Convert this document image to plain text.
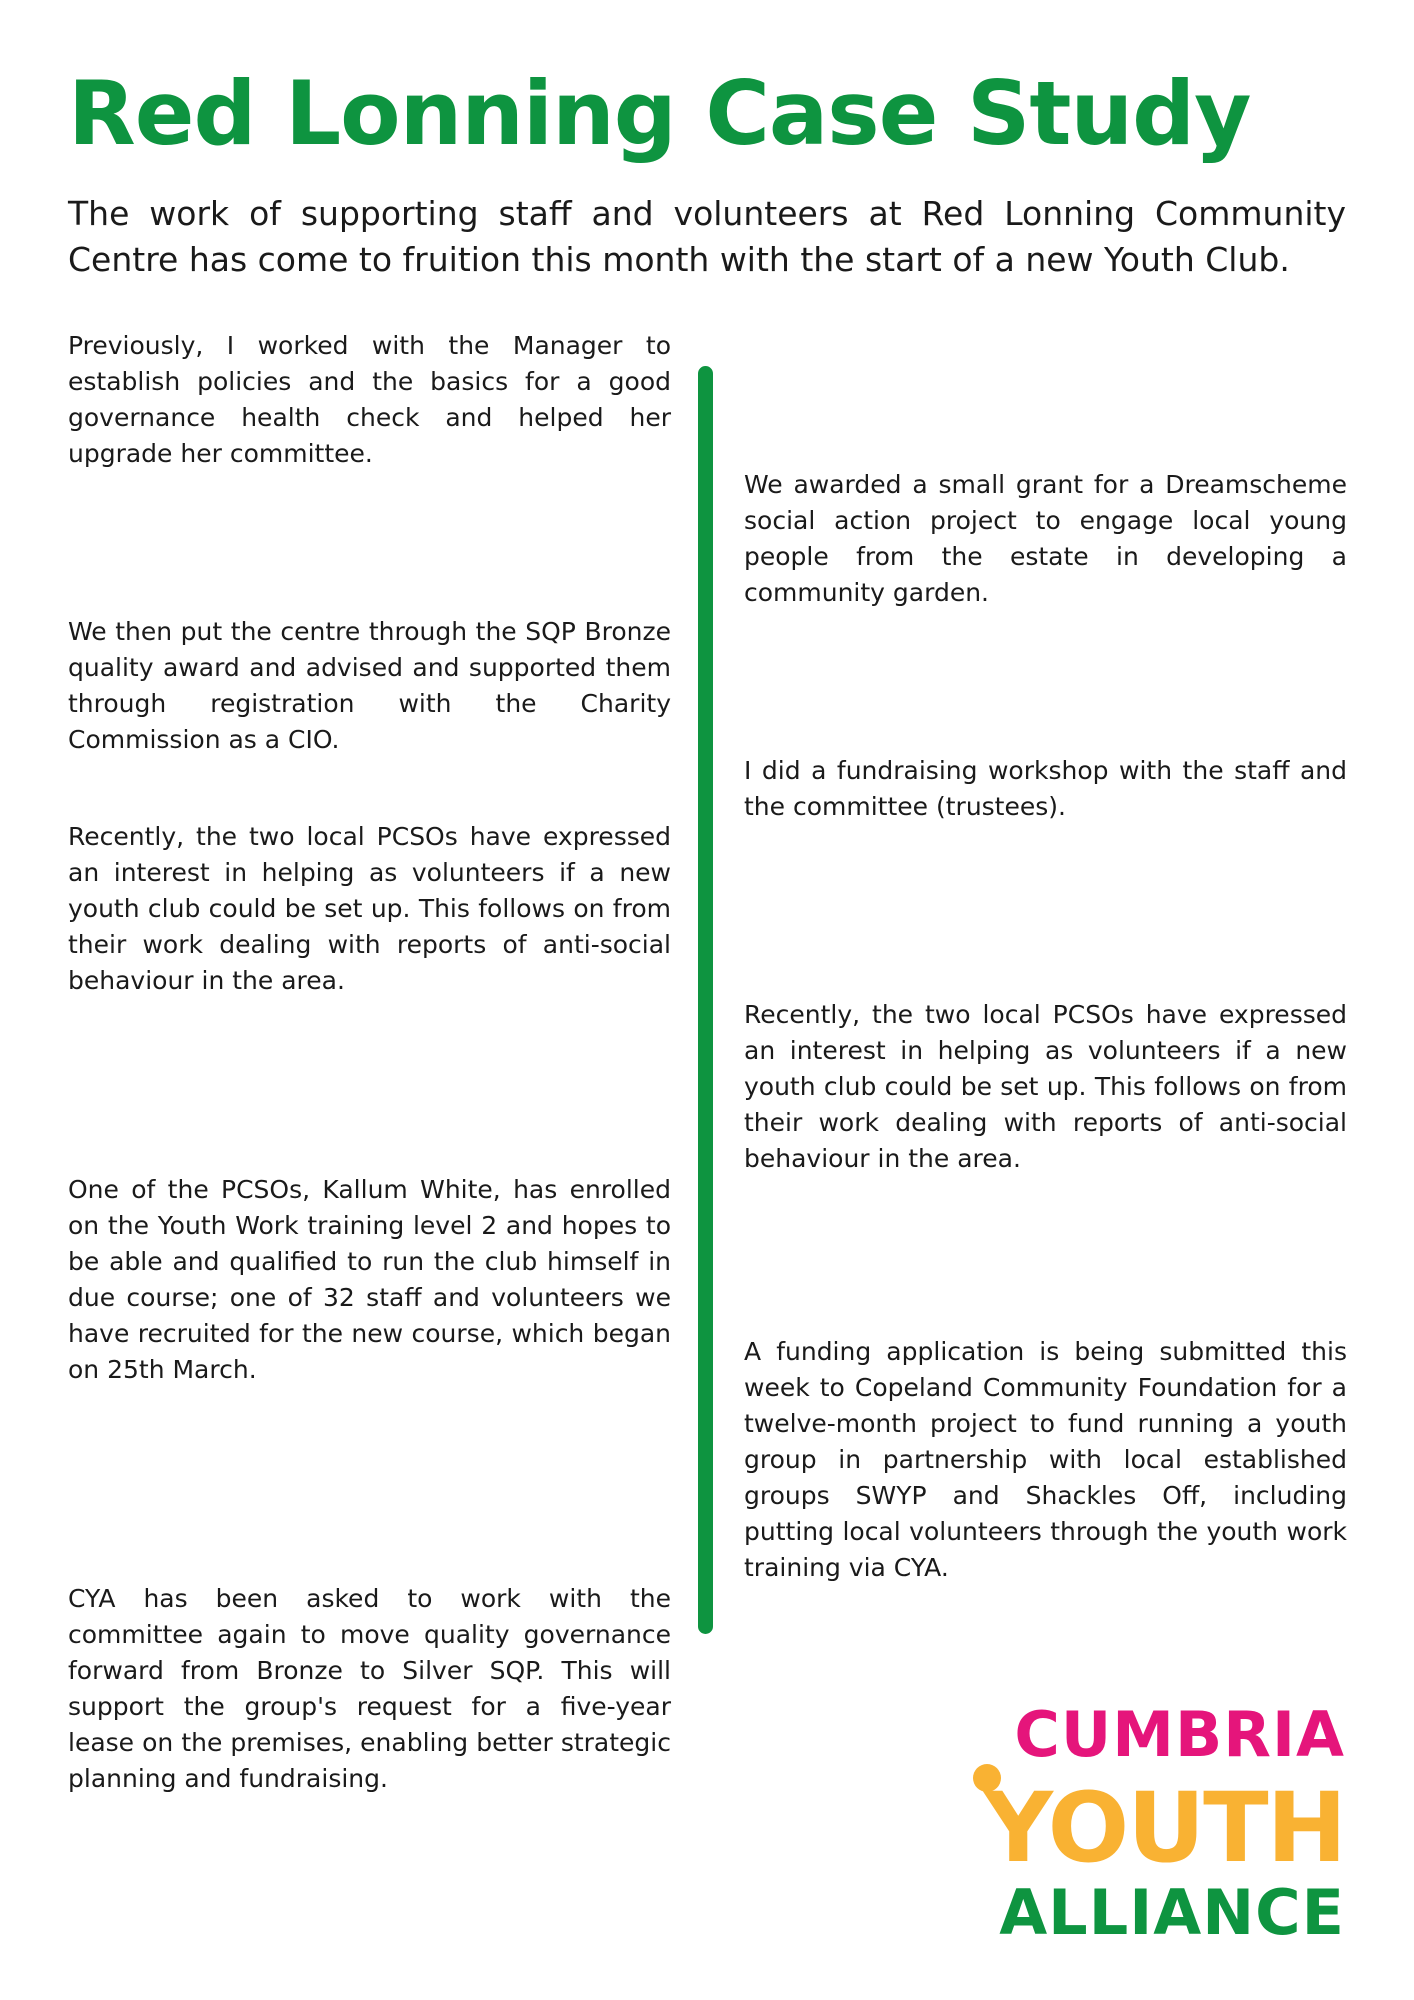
Red Lonning Case Study

The work of supporting staff and volunteers at Red Lonning Community Centre has come to fruition this month with the start of a new Youth Club.

Previously, I worked with the Manager to establish policies and the basics for a good governance health check and helped her upgrade her committee.

We then put the centre through the SQP Bronze quality award and advised and supported them through registration with the Charity Commission as a CIO.

Recently, the two local PCSOs have expressed an interest in helping as volunteers if a new youth club could be set up. This follows on from their work dealing with reports of anti-social behaviour in the area.

One of the PCSOs, Kallum White, has enrolled on the Youth Work training level 2 and hopes to be able and qualified to run the club himself in due course; one of 32 staff and volunteers we have recruited for the new course, which began on 25th March.

CYA has been asked to work with the committee again to move quality governance forward from Bronze to Silver SQP. This will support the group's request for a five-year lease on the premises, enabling better strategic planning and fundraising.

We awarded a small grant for a Dreamscheme social action project to engage local young people from the estate in developing a community garden.

I did a fundraising workshop with the staff and the committee (trustees).

Recently, the two local PCSOs have expressed an interest in helping as volunteers if a new youth club could be set up. This follows on from their work dealing with reports of anti-social behaviour in the area.

A funding application is being submitted this week to Copeland Community Foundation for a twelve-month project to fund running a youth group in partnership with local established groups SWYP and Shackles Off, including putting local volunteers through the youth work training via CYA.

CUMBRIA
YOUTH
ALLIANCE
